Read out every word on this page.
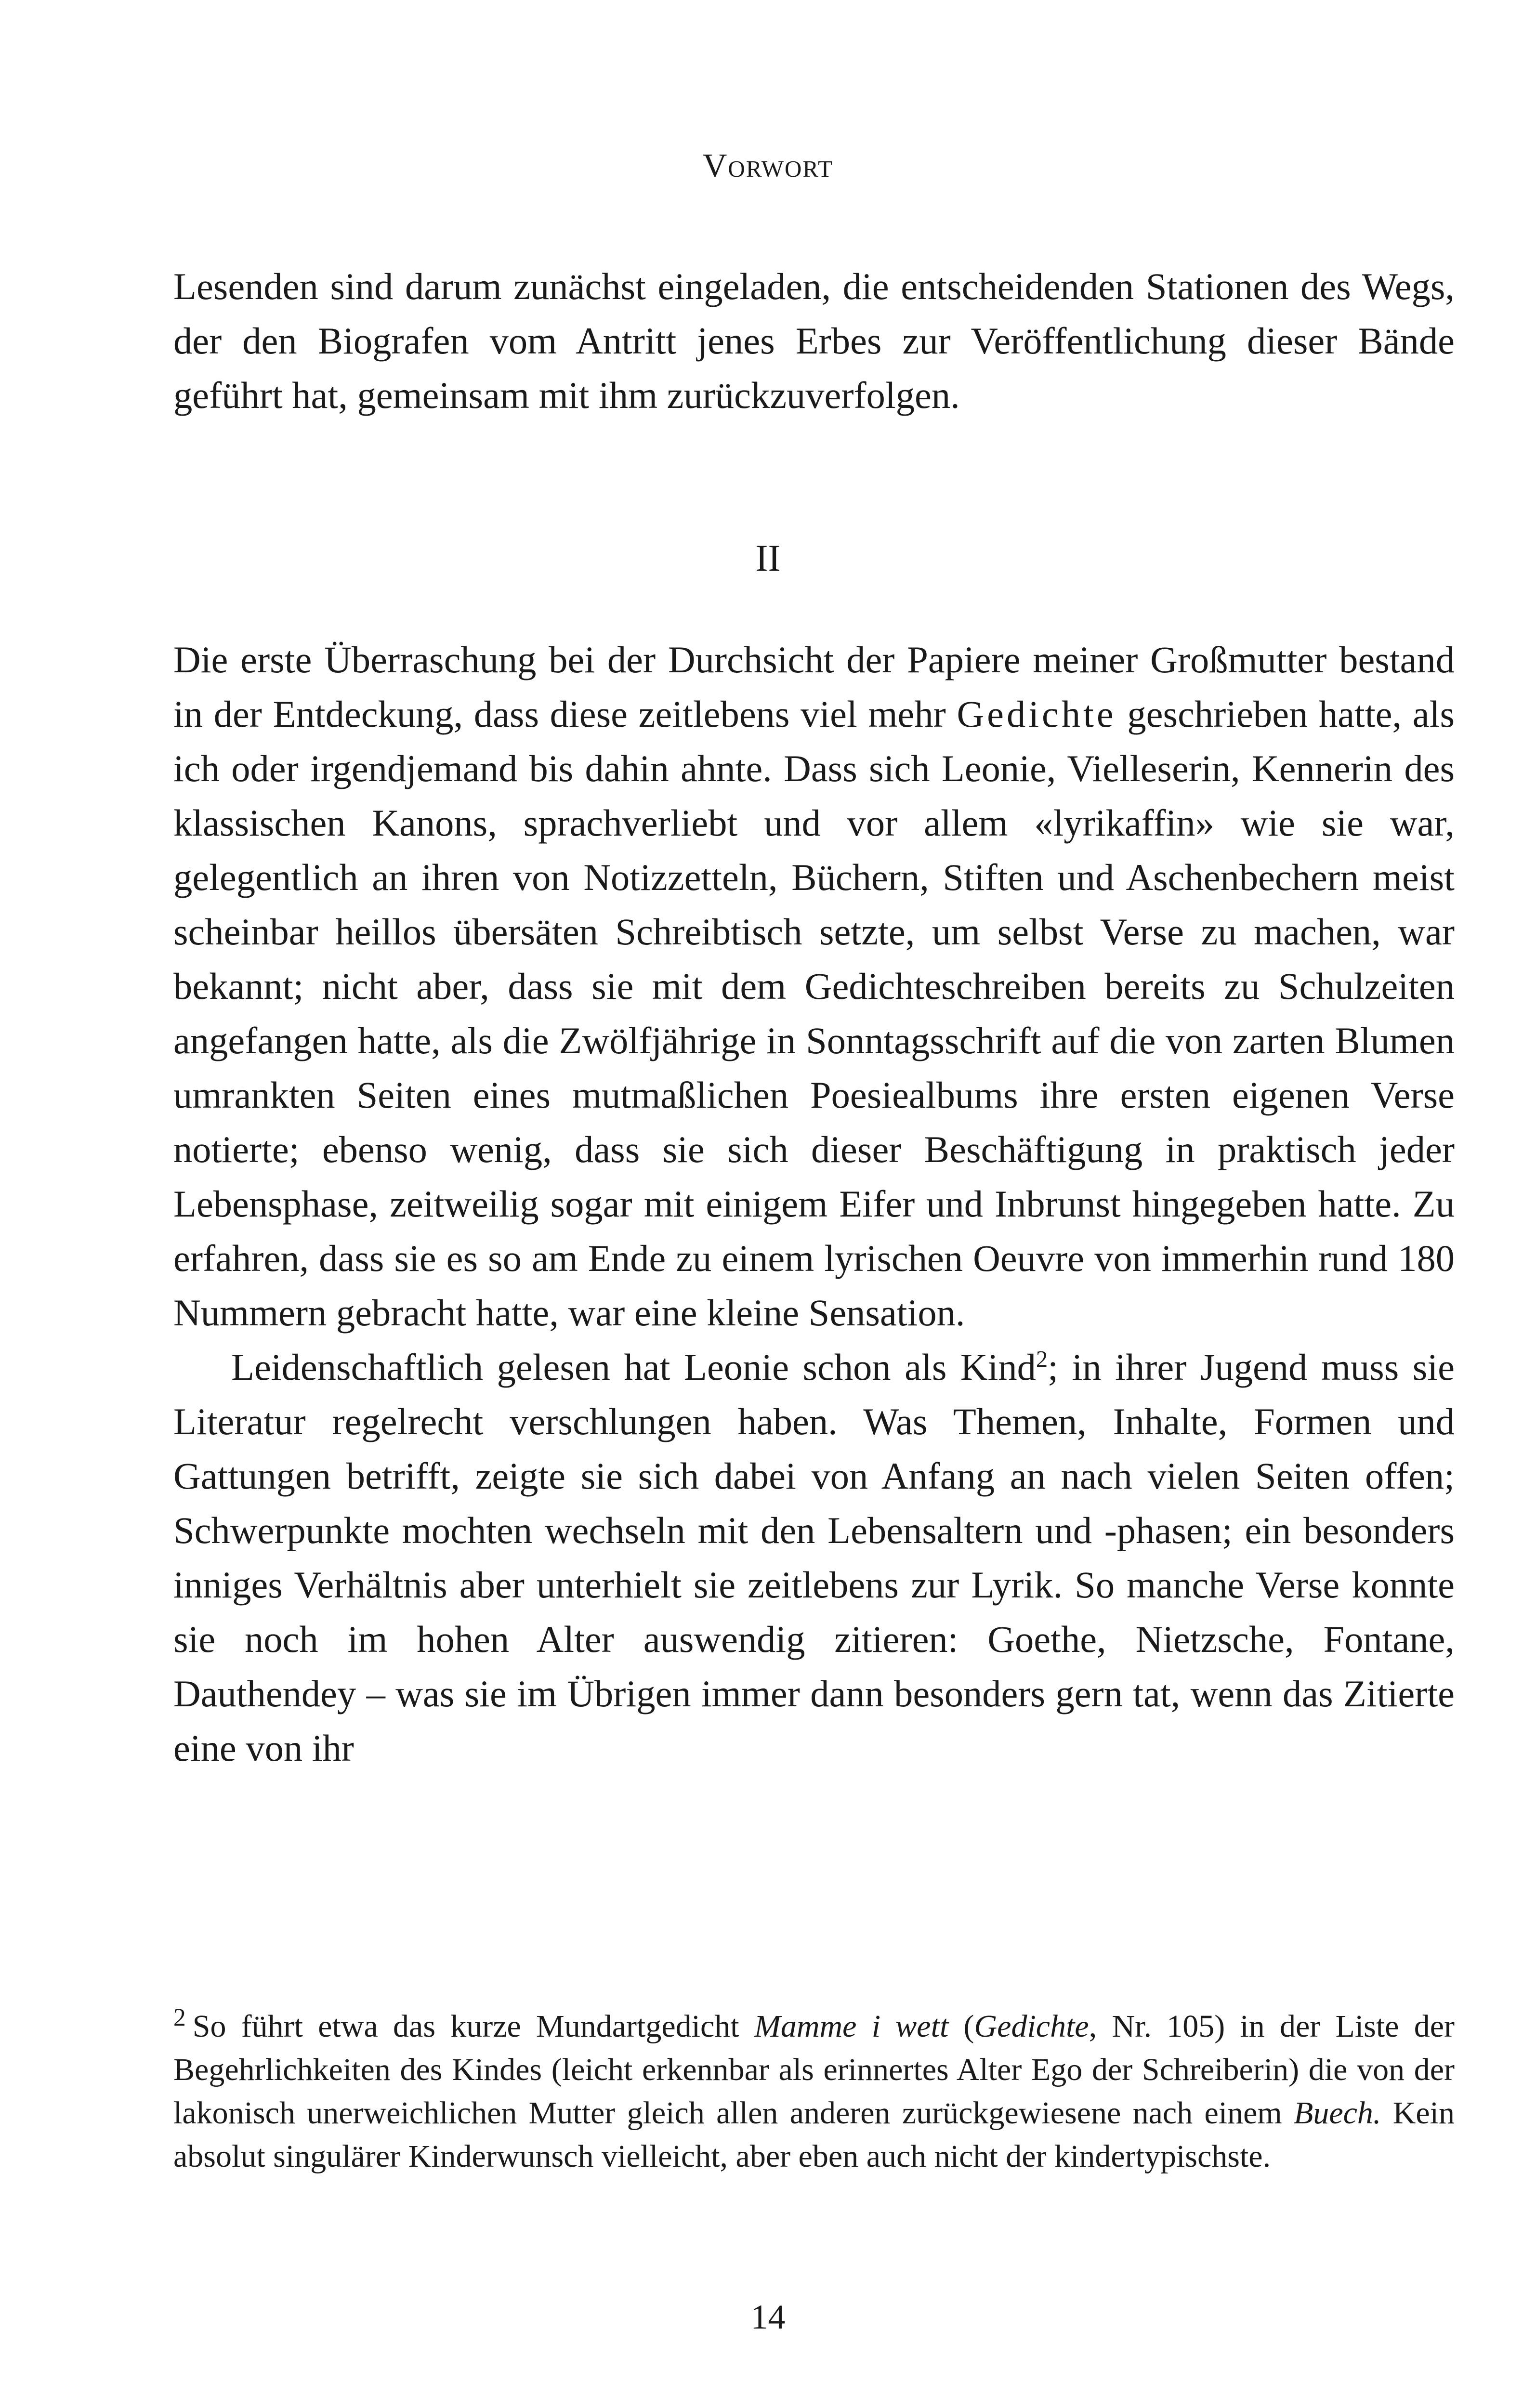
Vorwort

Lesenden sind darum zunächst eingeladen, die entscheidenden Stationen des Wegs, der den Biografen vom Antritt jenes Erbes zur Veröffentlichung dieser Bände geführt hat, gemeinsam mit ihm zurückzuverfolgen.

II

Die erste Überraschung bei der Durchsicht der Papiere meiner Großmutter bestand in der Entdeckung, dass diese zeitlebens viel mehr Gedichte geschrieben hatte, als ich oder irgendjemand bis dahin ahnte. Dass sich Leonie, Vielleserin, Kennerin des klassischen Kanons, sprachverliebt und vor allem «lyrikaffin» wie sie war, gelegentlich an ihren von Notizzetteln, Büchern, Stiften und Aschenbechern meist scheinbar heillos übersäten Schreibtisch setzte, um selbst Verse zu machen, war bekannt; nicht aber, dass sie mit dem Gedichteschreiben bereits zu Schulzeiten angefangen hatte, als die Zwölfjährige in Sonntagsschrift auf die von zarten Blumen umrankten Seiten eines mutmaßlichen Poesiealbums ihre ersten eigenen Verse notierte; ebenso wenig, dass sie sich dieser Beschäftigung in praktisch jeder Lebensphase, zeitweilig sogar mit einigem Eifer und Inbrunst hingegeben hatte. Zu erfahren, dass sie es so am Ende zu einem lyrischen Oeuvre von immerhin rund 180 Nummern gebracht hatte, war eine kleine Sensation.

Leidenschaftlich gelesen hat Leonie schon als Kind$^2$; in ihrer Jugend muss sie Literatur regelrecht verschlungen haben. Was Themen, Inhalte, Formen und Gattungen betrifft, zeigte sie sich dabei von Anfang an nach vielen Seiten offen; Schwerpunkte mochten wechseln mit den Lebensaltern und -phasen; ein besonders inniges Verhältnis aber unterhielt sie zeitlebens zur Lyrik. So manche Verse konnte sie noch im hohen Alter auswendig zitieren: Goethe, Nietzsche, Fontane, Dauthendey – was sie im Übrigen immer dann besonders gern tat, wenn das Zitierte eine von ihr

$^2$ So führt etwa das kurze Mundartgedicht Mamme i wett (Gedichte, Nr. 105) in der Liste der Begehrlichkeiten des Kindes (leicht erkennbar als erinnertes Alter Ego der Schreiberin) die von der lakonisch unerweichlichen Mutter gleich allen anderen zurückgewiesene nach einem Buech. Kein absolut singulärer Kinderwunsch vielleicht, aber eben auch nicht der kindertypischste.

14
